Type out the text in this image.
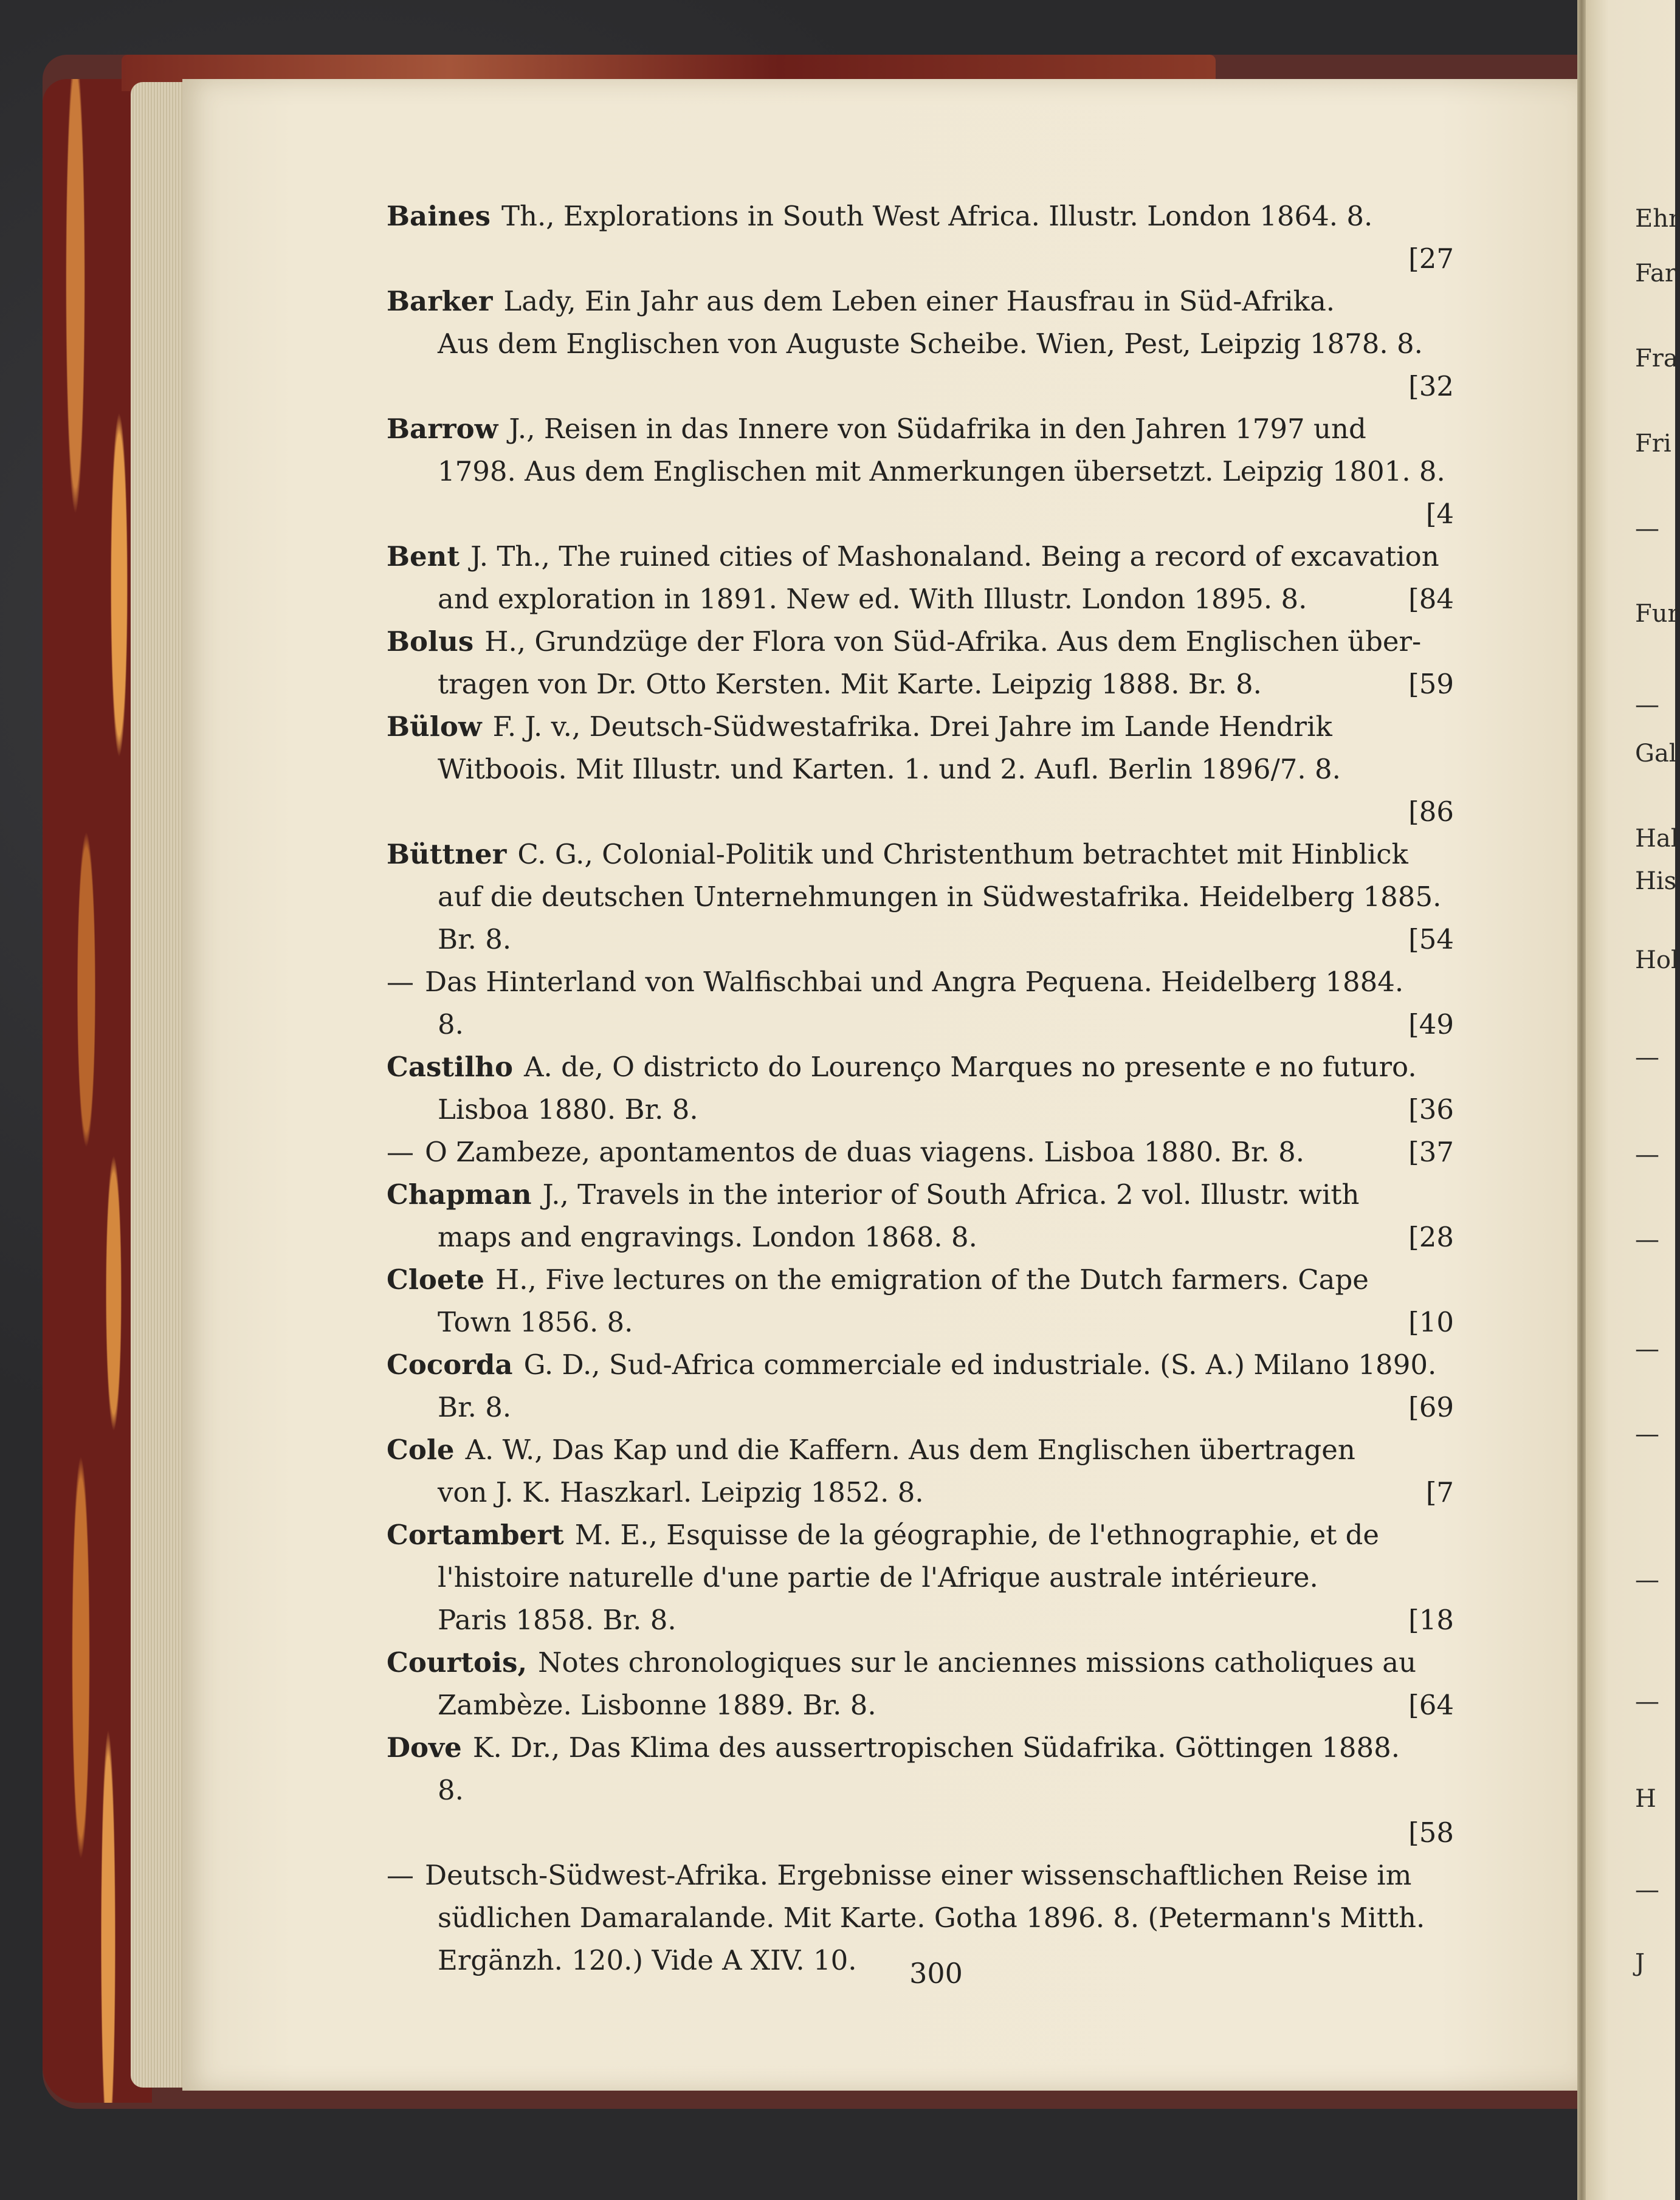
Ehr
Far
Fra
Fri
—
Fur
—
Gal
Hal
His
Hol
—
—
—
—
—
—
—
H
—
J
Baines Th., Explorations in South West Africa. Illustr. London 1864. 8.
[27
Barker Lady, Ein Jahr aus dem Leben einer Hausfrau in Süd-Afrika.
Aus dem Englischen von Auguste Scheibe. Wien, Pest, Leipzig 1878. 8.
[32
Barrow J., Reisen in das Innere von Südafrika in den Jahren 1797 und
1798. Aus dem Englischen mit Anmerkungen übersetzt. Leipzig 1801. 8.
[4
Bent J. Th., The ruined cities of Mashonaland. Being a record of excavation
and exploration in 1891. New ed. With Illustr. London 1895. 8.	[84
Bolus H., Grundzüge der Flora von Süd-Afrika. Aus dem Englischen über-
tragen von Dr. Otto Kersten. Mit Karte. Leipzig 1888. Br. 8.	[59
Bülow F. J. v., Deutsch-Südwestafrika. Drei Jahre im Lande Hendrik
Witboois. Mit Illustr. und Karten. 1. und 2. Aufl. Berlin 1896/7. 8.
[86
Büttner C. G., Colonial-Politik und Christenthum betrachtet mit Hinblick
auf die deutschen Unternehmungen in Südwestafrika. Heidelberg 1885.
Br. 8.	[54
— Das Hinterland von Walfischbai und Angra Pequena. Heidelberg 1884.
8.	[49
Castilho A. de, O districto do Lourenço Marques no presente e no futuro.
Lisboa 1880. Br. 8.	[36
— O Zambeze, apontamentos de duas viagens. Lisboa 1880. Br. 8.	[37
Chapman J., Travels in the interior of South Africa. 2 vol. Illustr. with
maps and engravings. London 1868. 8.	[28
Cloete H., Five lectures on the emigration of the Dutch farmers. Cape
Town 1856. 8.	[10
Cocorda G. D., Sud-Africa commerciale ed industriale. (S. A.) Milano 1890.
Br. 8.	[69
Cole A. W., Das Kap und die Kaffern. Aus dem Englischen übertragen
von J. K. Haszkarl. Leipzig 1852. 8.	[7
Cortambert M. E., Esquisse de la géographie, de l'ethnographie, et de
l'histoire naturelle d'une partie de l'Afrique australe intérieure.
Paris 1858. Br. 8.	[18
Courtois, Notes chronologiques sur le anciennes missions catholiques au
Zambèze. Lisbonne 1889. Br. 8.	[64
Dove K. Dr., Das Klima des aussertropischen Südafrika. Göttingen 1888.
8.
[58
— Deutsch-Südwest-Afrika. Ergebnisse einer wissenschaftlichen Reise im
südlichen Damaralande. Mit Karte. Gotha 1896. 8. (Petermann's Mitth.
Ergänzh. 120.) Vide A XIV. 10.	300
